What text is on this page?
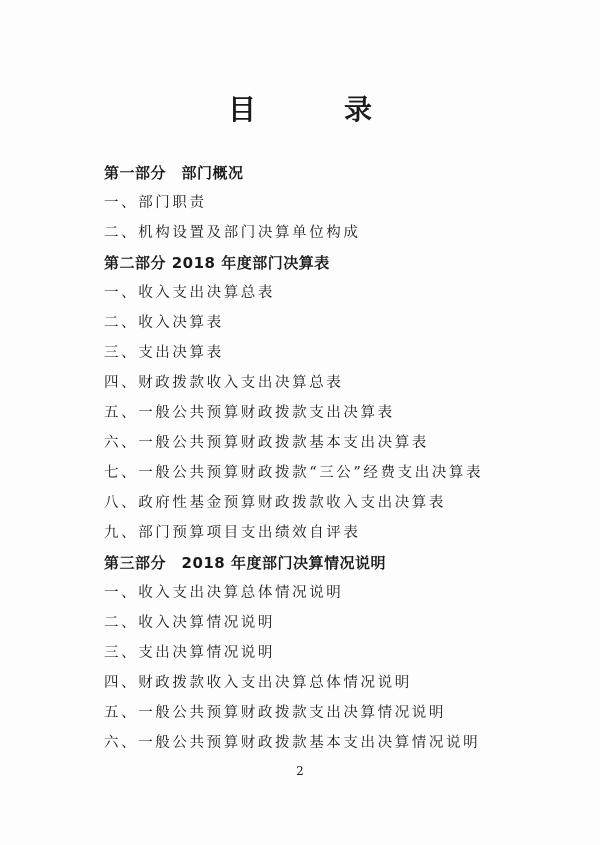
目　录
第一部分　部门概况
一、部门职责
二、机构设置及部门决算单位构成
第二部分 2018 年度部门决算表
一、收入支出决算总表
二、收入决算表
三、支出决算表
四、财政拨款收入支出决算总表
五、一般公共预算财政拨款支出决算表
六、一般公共预算财政拨款基本支出决算表
七、一般公共预算财政拨款“三公”经费支出决算表
八、政府性基金预算财政拨款收入支出决算表
九、部门预算项目支出绩效自评表
第三部分　2018 年度部门决算情况说明
一、收入支出决算总体情况说明
二、收入决算情况说明
三、支出决算情况说明
四、财政拨款收入支出决算总体情况说明
五、一般公共预算财政拨款支出决算情况说明
六、一般公共预算财政拨款基本支出决算情况说明
2
